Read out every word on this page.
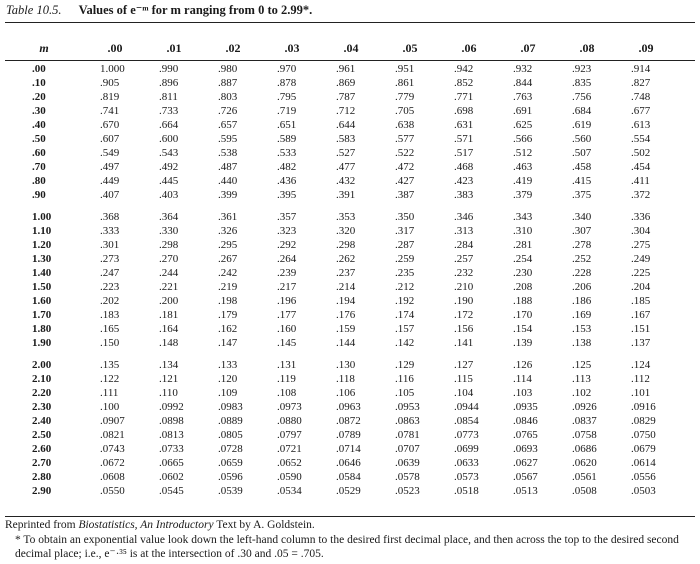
Table 10.5. Values of e⁻ᵐ for m ranging from 0 to 2.99*.
m	.00	.01	.02	.03	.04	.05	.06	.07	.08	.09
.00	1.000	.990	.980	.970	.961	.951	.942	.932	.923	.914
.10	.905	.896	.887	.878	.869	.861	.852	.844	.835	.827
.20	.819	.811	.803	.795	.787	.779	.771	.763	.756	.748
.30	.741	.733	.726	.719	.712	.705	.698	.691	.684	.677
.40	.670	.664	.657	.651	.644	.638	.631	.625	.619	.613
.50	.607	.600	.595	.589	.583	.577	.571	.566	.560	.554
.60	.549	.543	.538	.533	.527	.522	.517	.512	.507	.502
.70	.497	.492	.487	.482	.477	.472	.468	.463	.458	.454
.80	.449	.445	.440	.436	.432	.427	.423	.419	.415	.411
.90	.407	.403	.399	.395	.391	.387	.383	.379	.375	.372
1.00	.368	.364	.361	.357	.353	.350	.346	.343	.340	.336
1.10	.333	.330	.326	.323	.320	.317	.313	.310	.307	.304
1.20	.301	.298	.295	.292	.298	.287	.284	.281	.278	.275
1.30	.273	.270	.267	.264	.262	.259	.257	.254	.252	.249
1.40	.247	.244	.242	.239	.237	.235	.232	.230	.228	.225
1.50	.223	.221	.219	.217	.214	.212	.210	.208	.206	.204
1.60	.202	.200	.198	.196	.194	.192	.190	.188	.186	.185
1.70	.183	.181	.179	.177	.176	.174	.172	.170	.169	.167
1.80	.165	.164	.162	.160	.159	.157	.156	.154	.153	.151
1.90	.150	.148	.147	.145	.144	.142	.141	.139	.138	.137
2.00	.135	.134	.133	.131	.130	.129	.127	.126	.125	.124
2.10	.122	.121	.120	.119	.118	.116	.115	.114	.113	.112
2.20	.111	.110	.109	.108	.106	.105	.104	.103	.102	.101
2.30	.100	.0992	.0983	.0973	.0963	.0953	.0944	.0935	.0926	.0916
2.40	.0907	.0898	.0889	.0880	.0872	.0863	.0854	.0846	.0837	.0829
2.50	.0821	.0813	.0805	.0797	.0789	.0781	.0773	.0765	.0758	.0750
2.60	.0743	.0733	.0728	.0721	.0714	.0707	.0699	.0693	.0686	.0679
2.70	.0672	.0665	.0659	.0652	.0646	.0639	.0633	.0627	.0620	.0614
2.80	.0608	.0602	.0596	.0590	.0584	.0578	.0573	.0567	.0561	.0556
2.90	.0550	.0545	.0539	.0534	.0529	.0523	.0518	.0513	.0508	.0503
Reprinted from Biostatistics, An Introductory Text by A. Goldstein.
* To obtain an exponential value look down the left-hand column to the desired first decimal place, and then across the top to the desired second decimal place; i.e., e⁻·³⁵ is at the intersection of .30 and .05 = .705.
